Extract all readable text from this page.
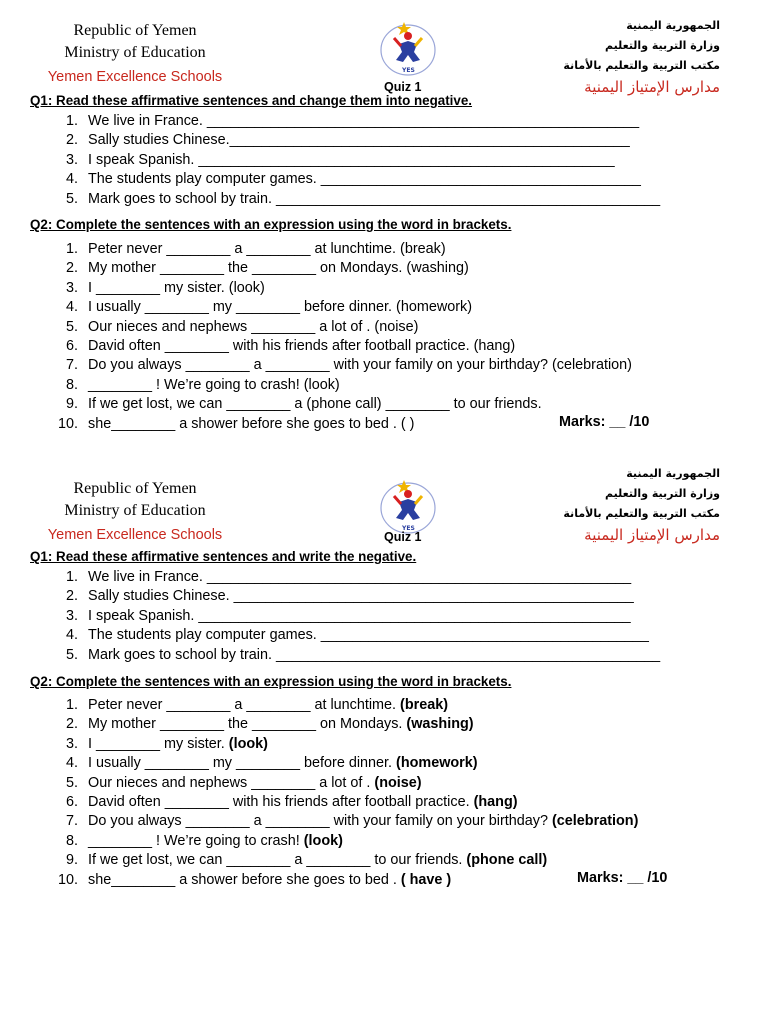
Republic of Yemen
Ministry of Education
Yemen Excellence Schools	YES
Quiz 1
الجمهورية اليمنية
وزارة التربية والتعليم
مكتب التربية والتعليم بالأمانة
مدارس الإمتياز اليمنية
Q1: Read these affirmative sentences and change them into negative.
1. We live in France. ______________________________________________________
2. Sally studies Chinese.__________________________________________________
3. I speak Spanish. ____________________________________________________
4. The students play computer games. ________________________________________
5. Mark goes to school by train. ________________________________________________
Q2: Complete the sentences with an expression using the word in brackets.
1. Peter never ________ a ________ at lunchtime. (break)
2. My mother ________ the ________ on Mondays. (washing)
3. I ________ my sister. (look)
4. I usually ________ my ________ before dinner. (homework)
5. Our nieces and nephews ________ a lot of . (noise)
6. David often ________ with his friends after football practice. (hang)
7. Do you always ________ a ________ with your family on your birthday? (celebration)
8. ________ ! We’re going to crash! (look)
9. If we get lost, we can ________ a (phone call) ________ to our friends.
10. she________ a shower before she goes to bed . ( )	Marks: __ /10
Republic of Yemen
Ministry of Education
Yemen Excellence Schools	YES
Quiz 1
الجمهورية اليمنية
وزارة التربية والتعليم
مكتب التربية والتعليم بالأمانة
مدارس الإمتياز اليمنية
Q1: Read these affirmative sentences and write the negative.
1. We live in France. _____________________________________________________
2. Sally studies Chinese. __________________________________________________
3. I speak Spanish. ______________________________________________________
4. The students play computer games. _________________________________________
5. Mark goes to school by train. ________________________________________________
Q2: Complete the sentences with an expression using the word in brackets.
1. Peter never ________ a ________ at lunchtime. (break)
2. My mother ________ the ________ on Mondays. (washing)
3. I ________ my sister. (look)
4. I usually ________ my ________ before dinner. (homework)
5. Our nieces and nephews ________ a lot of . (noise)
6. David often ________ with his friends after football practice. (hang)
7. Do you always ________ a ________ with your family on your birthday? (celebration)
8. ________ ! We’re going to crash! (look)
9. If we get lost, we can ________ a ________ to our friends. (phone call)
10. she________ a shower before she goes to bed . ( have )	Marks: __ /10
